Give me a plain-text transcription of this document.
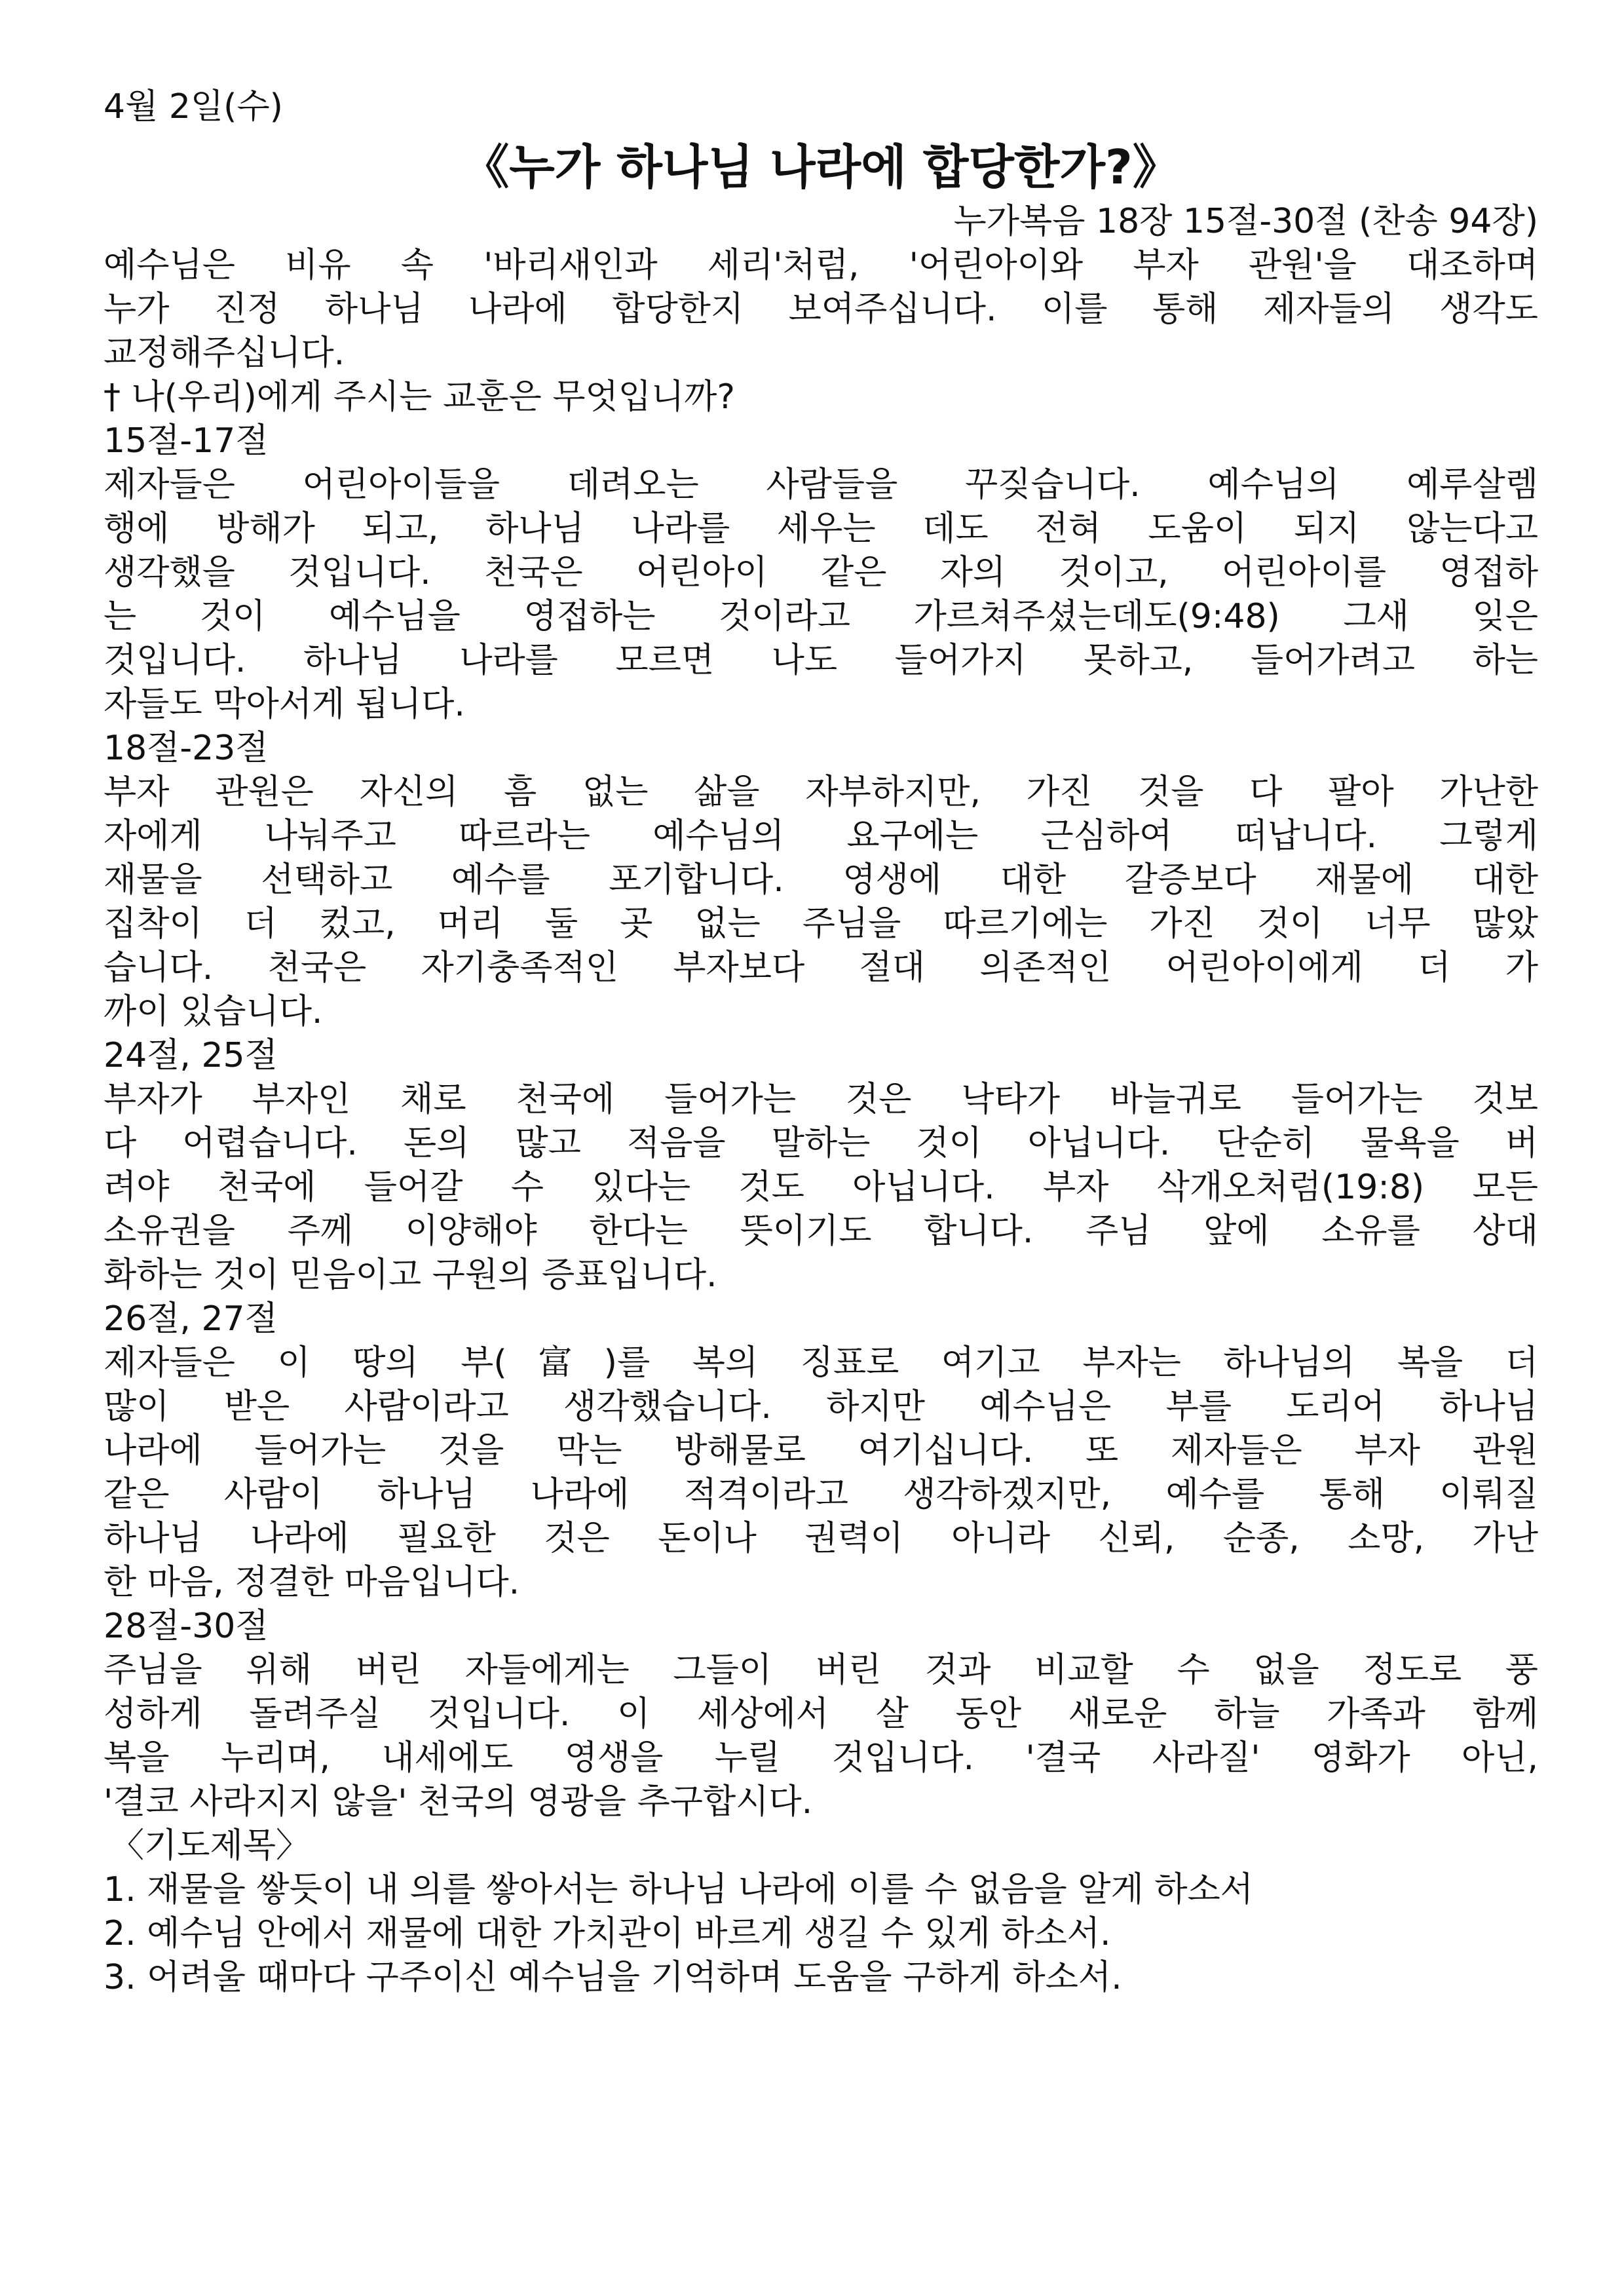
4월 2일(수)
《누가 하나님 나라에 합당한가?》
누가복음 18장 15절-30절 (찬송 94장)
예수님은 비유 속 '바리새인과 세리'처럼, '어린아이와 부자 관원'을 대조하며
누가 진정 하나님 나라에 합당한지 보여주십니다. 이를 통해 제자들의 생각도
교정해주십니다.
† 나(우리)에게 주시는 교훈은 무엇입니까?
15절-17절
제자들은 어린아이들을 데려오는 사람들을 꾸짖습니다. 예수님의 예루살렘
행에 방해가 되고, 하나님 나라를 세우는 데도 전혀 도움이 되지 않는다고
생각했을 것입니다. 천국은 어린아이 같은 자의 것이고, 어린아이를 영접하
는 것이 예수님을 영접하는 것이라고 가르쳐주셨는데도(9:48) 그새 잊은
것입니다. 하나님 나라를 모르면 나도 들어가지 못하고, 들어가려고 하는
자들도 막아서게 됩니다.
18절-23절
부자 관원은 자신의 흠 없는 삶을 자부하지만, 가진 것을 다 팔아 가난한
자에게 나눠주고 따르라는 예수님의 요구에는 근심하여 떠납니다. 그렇게
재물을 선택하고 예수를 포기합니다. 영생에 대한 갈증보다 재물에 대한
집착이 더 컸고, 머리 둘 곳 없는 주님을 따르기에는 가진 것이 너무 많았
습니다. 천국은 자기충족적인 부자보다 절대 의존적인 어린아이에게 더 가
까이 있습니다.
24절, 25절
부자가 부자인 채로 천국에 들어가는 것은 낙타가 바늘귀로 들어가는 것보
다 어렵습니다. 돈의 많고 적음을 말하는 것이 아닙니다. 단순히 물욕을 버
려야 천국에 들어갈 수 있다는 것도 아닙니다. 부자 삭개오처럼(19:8) 모든
소유권을 주께 이양해야 한다는 뜻이기도 합니다. 주님 앞에 소유를 상대
화하는 것이 믿음이고 구원의 증표입니다.
26절, 27절
제자들은 이 땅의 부(富)를 복의 징표로 여기고 부자는 하나님의 복을 더
많이 받은 사람이라고 생각했습니다. 하지만 예수님은 부를 도리어 하나님
나라에 들어가는 것을 막는 방해물로 여기십니다. 또 제자들은 부자 관원
같은 사람이 하나님 나라에 적격이라고 생각하겠지만, 예수를 통해 이뤄질
하나님 나라에 필요한 것은 돈이나 권력이 아니라 신뢰, 순종, 소망, 가난
한 마음, 정결한 마음입니다.
28절-30절
주님을 위해 버린 자들에게는 그들이 버린 것과 비교할 수 없을 정도로 풍
성하게 돌려주실 것입니다. 이 세상에서 살 동안 새로운 하늘 가족과 함께
복을 누리며, 내세에도 영생을 누릴 것입니다. '결국 사라질' 영화가 아닌,
'결코 사라지지 않을' 천국의 영광을 추구합시다.
〈기도제목〉
1. 재물을 쌓듯이 내 의를 쌓아서는 하나님 나라에 이를 수 없음을 알게 하소서
2. 예수님 안에서 재물에 대한 가치관이 바르게 생길 수 있게 하소서.
3. 어려울 때마다 구주이신 예수님을 기억하며 도움을 구하게 하소서.
